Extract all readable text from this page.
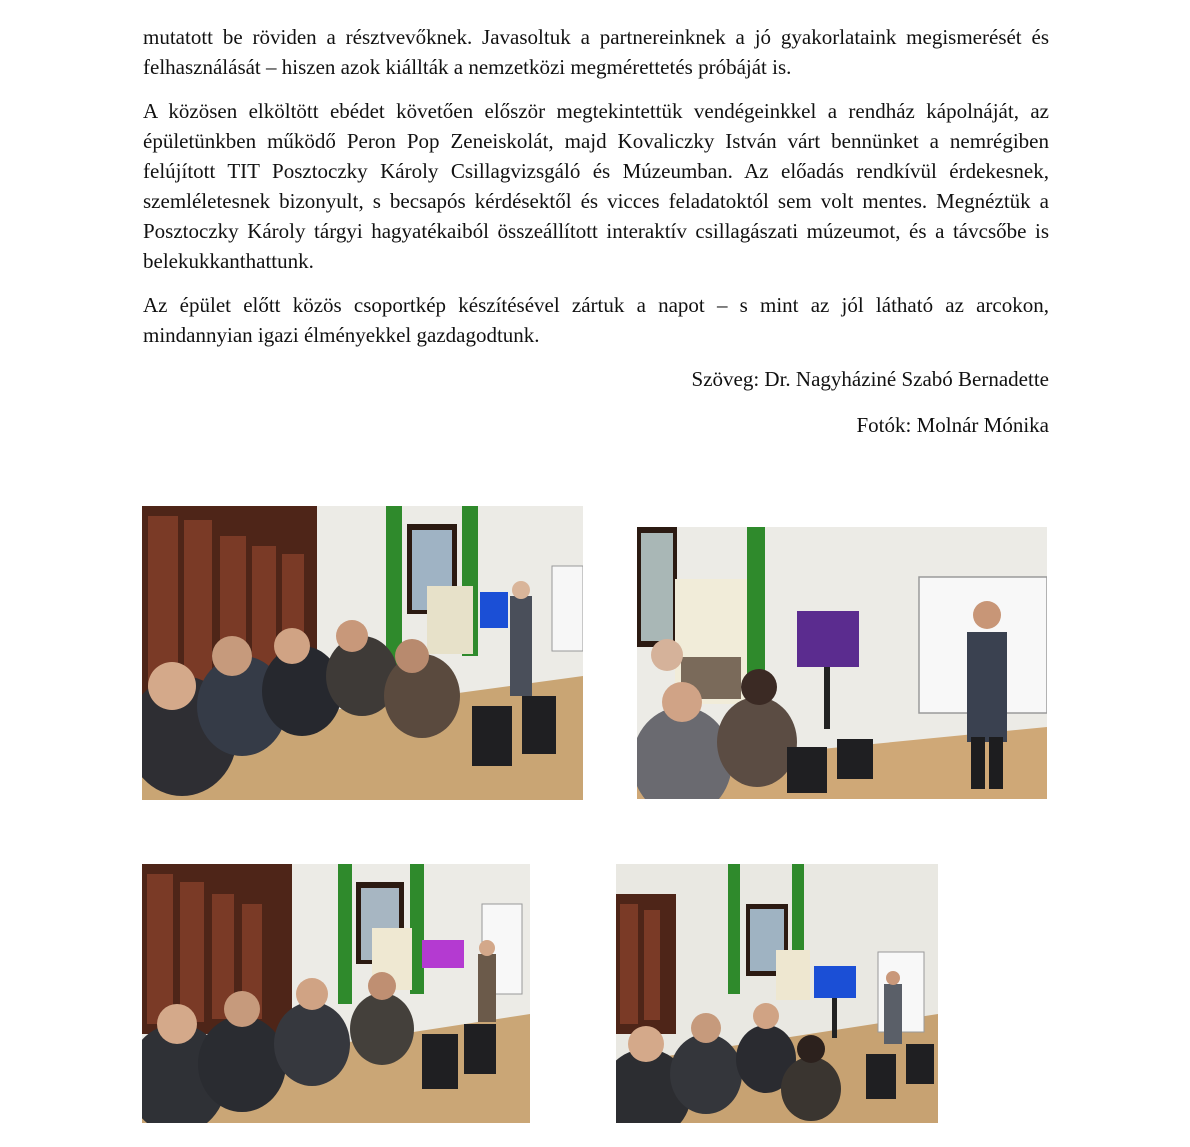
mutatott be röviden a résztvevőknek. Javasoltuk a partnereinknek a jó gyakorlataink megismerését és felhasználását – hiszen azok kiállták a nemzetközi megmérettetés próbáját is.

A közösen elköltött ebédet követően először megtekintettük vendégeinkkel a rendház kápolnáját, az épületünkben működő Peron Pop Zeneiskolát, majd Kovaliczky István várt bennünket a nemrégiben felújított TIT Posztoczky Károly Csillagvizsgáló és Múzeumban. Az előadás rendkívül érdekesnek, szemléletesnek bizonyult, s becsapós kérdésektől és vicces feladatoktól sem volt mentes. Megnéztük a Posztoczky Károly tárgyi hagyatékaiból összeállított interaktív csillagászati múzeumot, és a távcsőbe is belekukkanthattunk.

Az épület előtt közös csoportkép készítésével zártuk a napot – s mint az jól látható az arcokon, mindannyian igazi élményekkel gazdagodtunk.

Szöveg: Dr. Nagyháziné Szabó Bernadette

Fotók: Molnár Mónika
